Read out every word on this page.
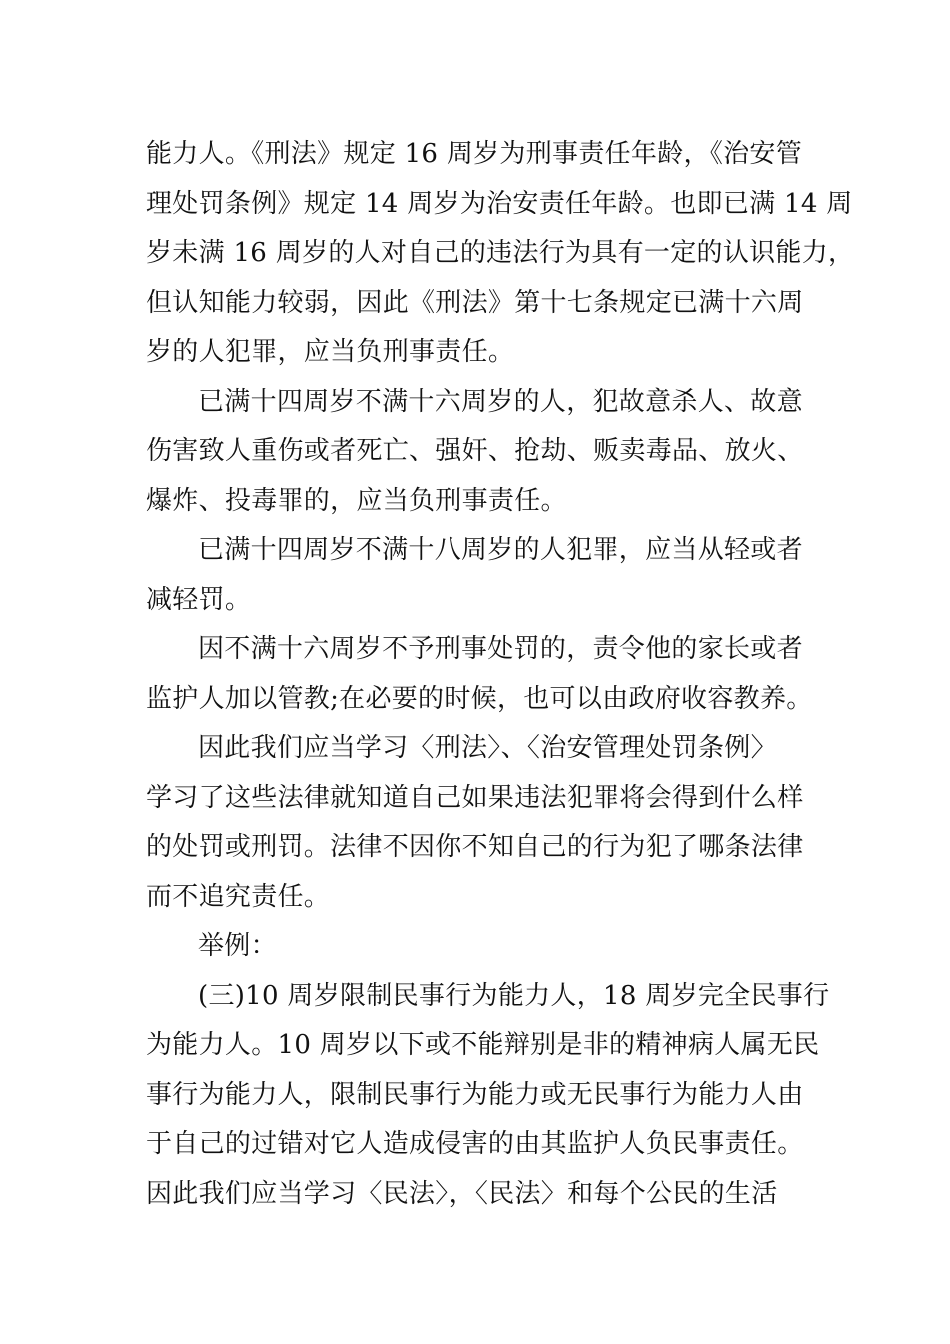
能力人。《刑法》规定 16 周岁为刑事责任年龄，《治安管
理处罚条例》规定 14 周岁为治安责任年龄。也即已满 14 周
岁未满 16 周岁的人对自己的违法行为具有一定的认识能力，
但认知能力较弱，因此《刑法》第十七条规定已满十六周
岁的人犯罪，应当负刑事责任。
已满十四周岁不满十六周岁的人，犯故意杀人、故意
伤害致人重伤或者死亡、强奸、抢劫、贩卖毒品、放火、
爆炸、投毒罪的，应当负刑事责任。
已满十四周岁不满十八周岁的人犯罪，应当从轻或者
减轻罚。
因不满十六周岁不予刑事处罚的，责令他的家长或者
监护人加以管教;在必要的时候，也可以由政府收容教养。
因此我们应当学习〈刑法〉、〈治安管理处罚条例〉
学习了这些法律就知道自己如果违法犯罪将会得到什么样
的处罚或刑罚。法律不因你不知自己的行为犯了哪条法律
而不追究责任。
举例：
(三)10 周岁限制民事行为能力人，18 周岁完全民事行
为能力人。10 周岁以下或不能辩别是非的精神病人属无民
事行为能力人，限制民事行为能力或无民事行为能力人由
于自己的过错对它人造成侵害的由其监护人负民事责任。
因此我们应当学习〈民法〉，〈民法〉和每个公民的生活
